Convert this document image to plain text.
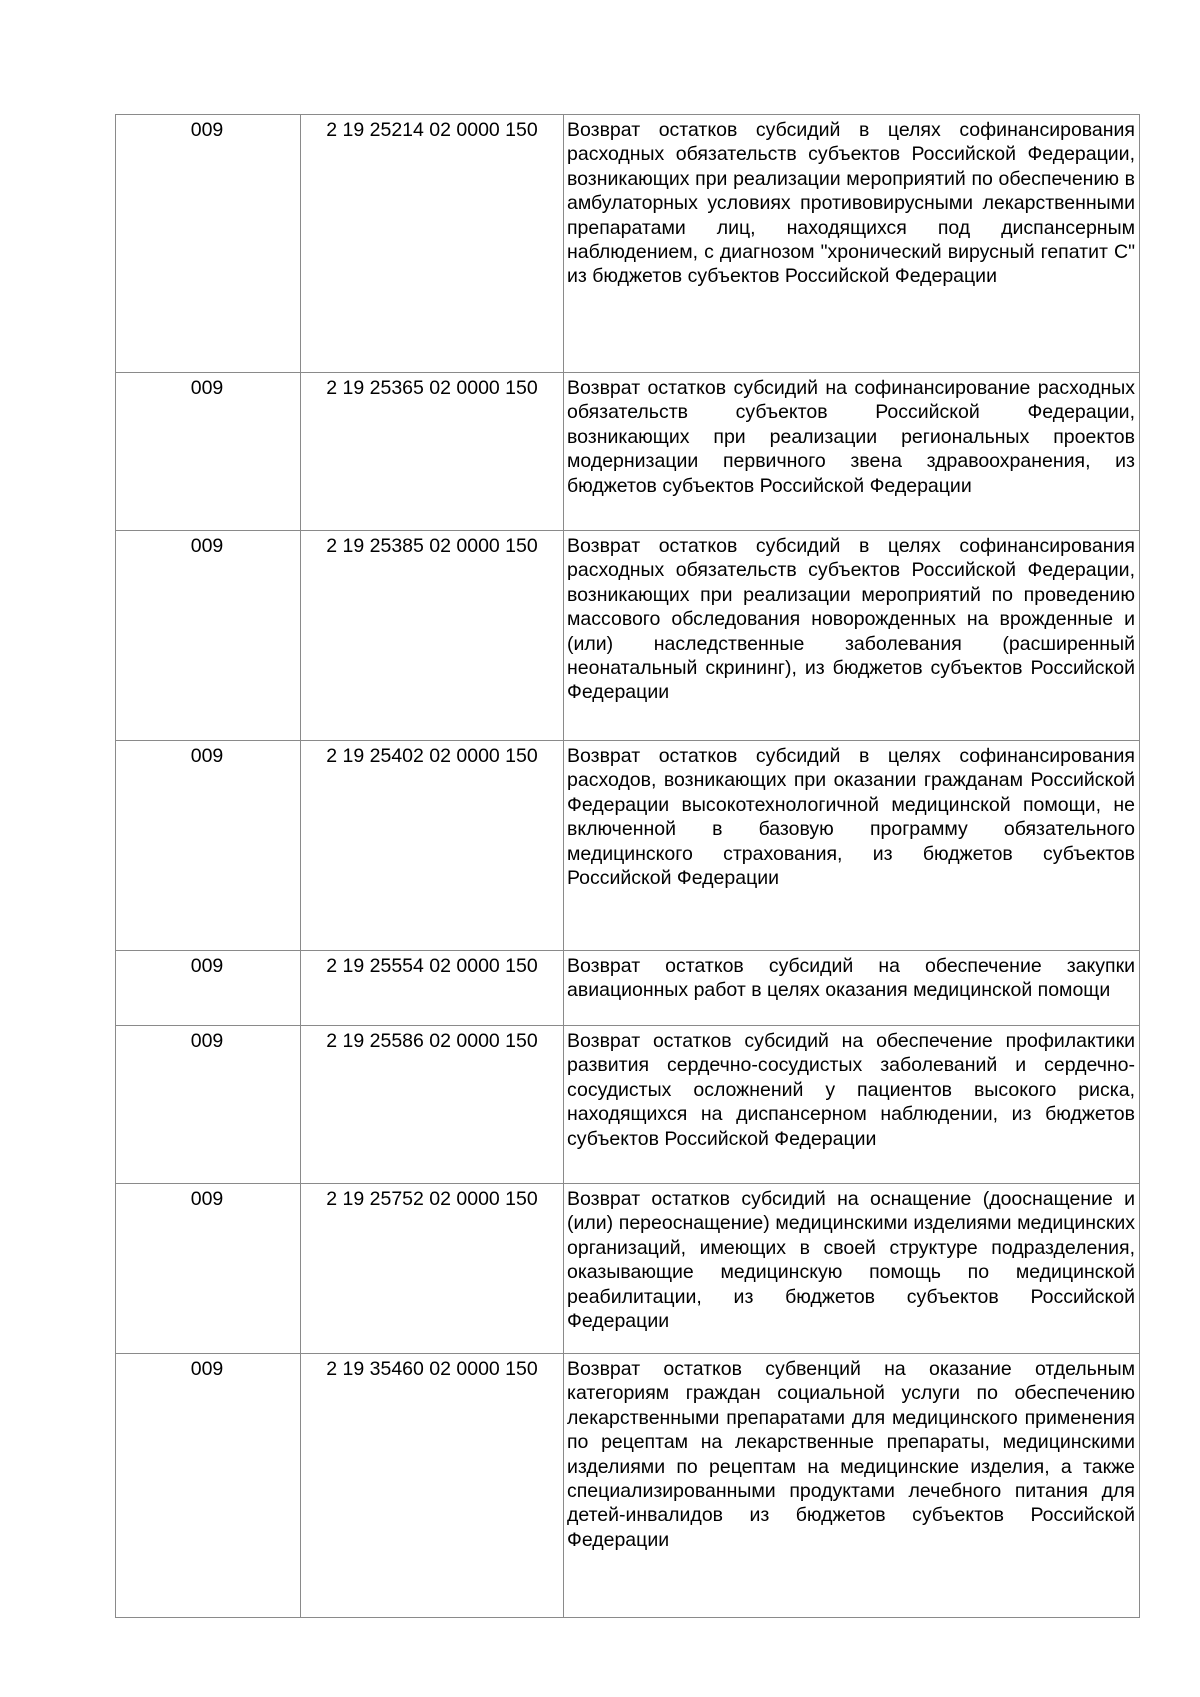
009	2 19 25214 02 0000 150	Возврат остатков субсидий в целях софинансирования расходных обязательств субъектов Российской Федерации, возникающих при реализации мероприятий по обеспечению в амбулаторных условиях противовирусными лекарственными препаратами лиц, находящихся под диспансерным наблюдением, с диагнозом "хронический вирусный гепатит С" из бюджетов субъектов Российской Федерации
009	2 19 25365 02 0000 150	Возврат остатков субсидий на софинансирование расходных обязательств субъектов Российской Федерации, возникающих при реализации региональных проектов модернизации первичного звена здравоохранения, из бюджетов субъектов Российской Федерации
009	2 19 25385 02 0000 150	Возврат остатков субсидий в целях софинансирования расходных обязательств субъектов Российской Федерации, возникающих при реализации мероприятий по проведению массового обследования новорожденных на врожденные и (или) наследственные заболевания (расширенный неонатальный скрининг), из бюджетов субъектов Российской Федерации
009	2 19 25402 02 0000 150	Возврат остатков субсидий в целях софинансирования расходов, возникающих при оказании гражданам Российской Федерации высокотехнологичной медицинской помощи, не включенной в базовую программу обязательного медицинского страхования, из бюджетов субъектов Российской Федерации
009	2 19 25554 02 0000 150	Возврат остатков субсидий на обеспечение закупки авиационных работ в целях оказания медицинской помощи
009	2 19 25586 02 0000 150	Возврат остатков субсидий на обеспечение профилактики развития сердечно-сосудистых заболеваний и сердечно-сосудистых осложнений у пациентов высокого риска, находящихся на диспансерном наблюдении, из бюджетов субъектов Российской Федерации
009	2 19 25752 02 0000 150	Возврат остатков субсидий на оснащение (дооснащение и (или) переоснащение) медицинскими изделиями медицинских организаций, имеющих в своей структуре подразделения, оказывающие медицинскую помощь по медицинской реабилитации, из бюджетов субъектов Российской Федерации
009	2 19 35460 02 0000 150	Возврат остатков субвенций на оказание отдельным категориям граждан социальной услуги по обеспечению лекарственными препаратами для медицинского применения по рецептам на лекарственные препараты, медицинскими изделиями по рецептам на медицинские изделия, а также специализированными продуктами лечебного питания для детей-инвалидов из бюджетов субъектов Российской Федерации
